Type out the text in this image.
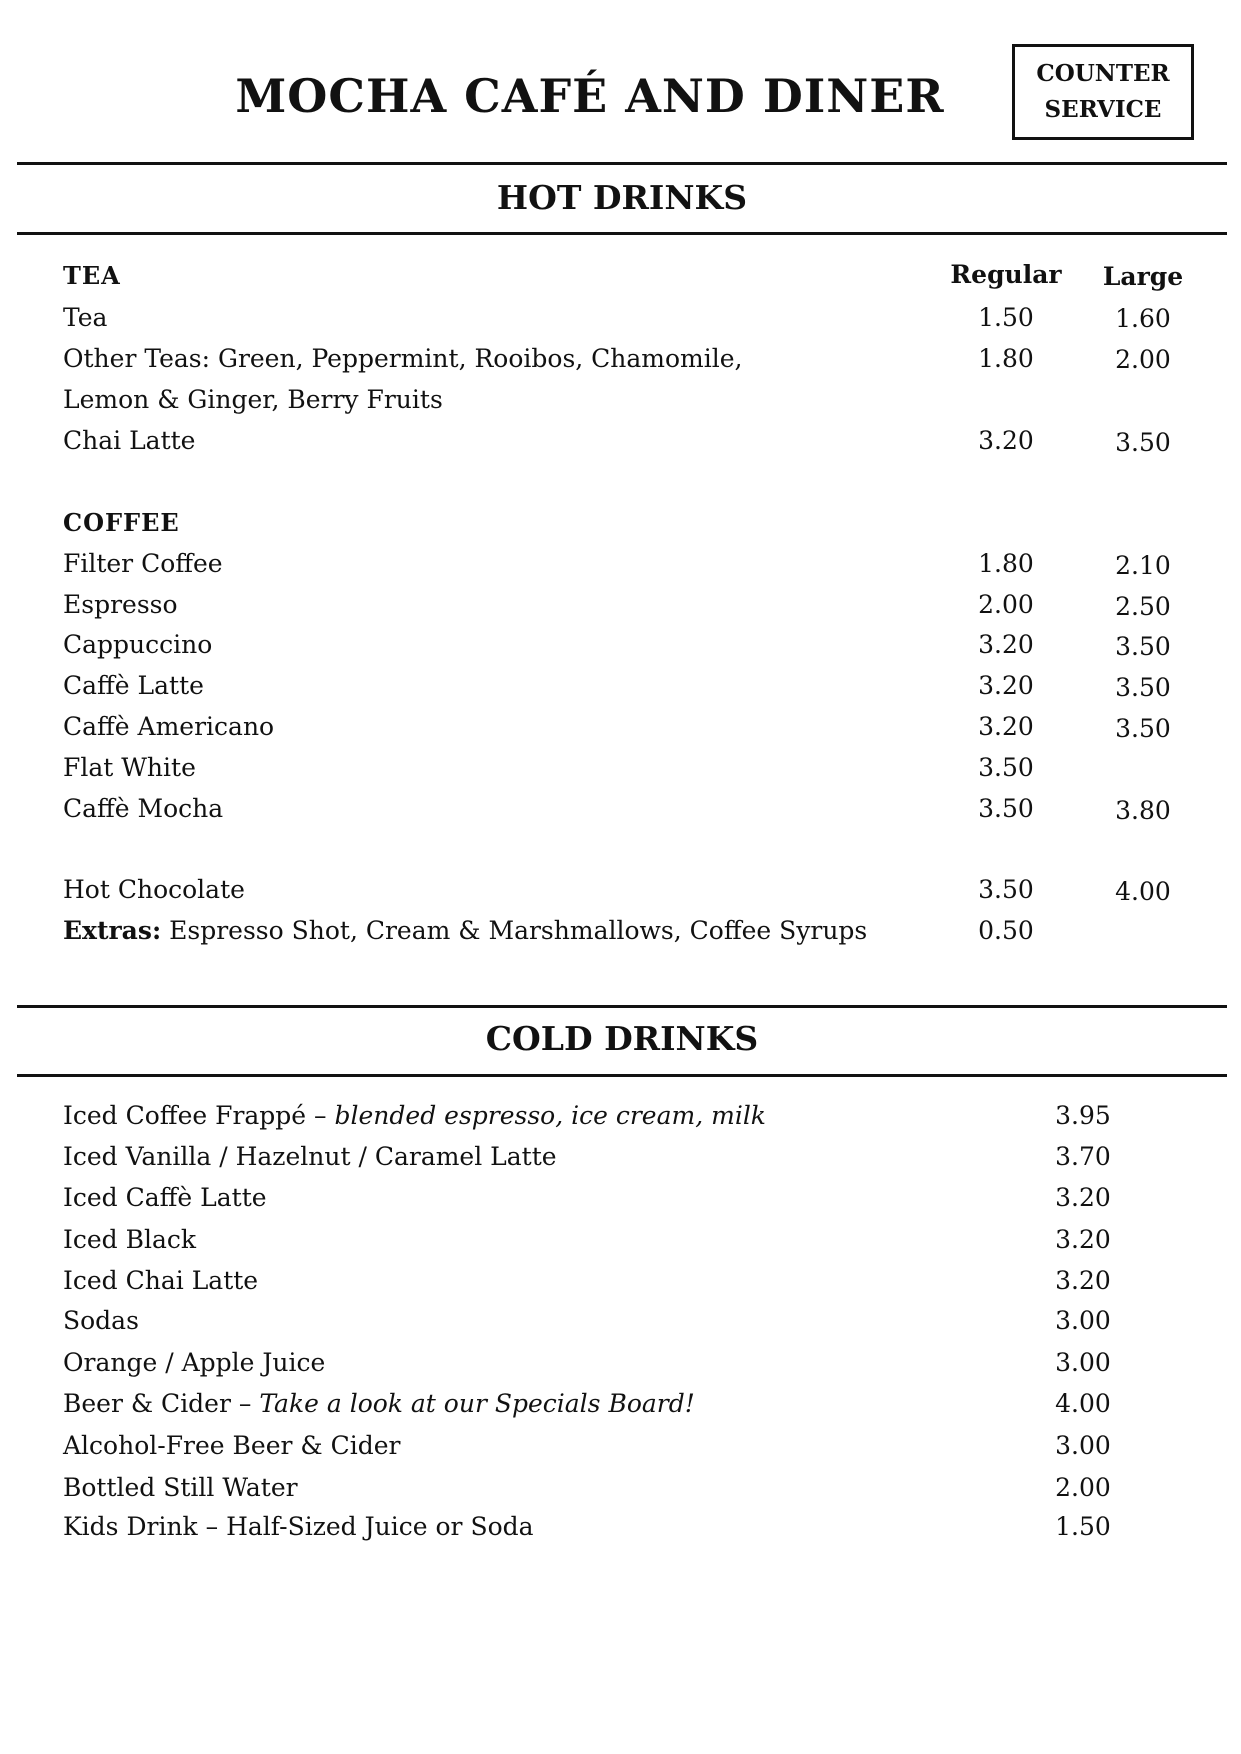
MOCHA CAFÉ AND DINER	COUNTER
SERVICE
HOT DRINKS
TEA	Regular	Large
Tea	1.50	1.60
Other Teas: Green, Peppermint, Rooibos, Chamomile,	1.80	2.00
Lemon & Ginger, Berry Fruits
Chai Latte	3.20	3.50
COFFEE
Filter Coffee	1.80	2.10
Espresso	2.00	2.50
Cappuccino	3.20	3.50
Caffè Latte	3.20	3.50
Caffè Americano	3.20	3.50
Flat White	3.50
Caffè Mocha	3.50	3.80
Hot Chocolate	3.50	4.00
Extras: Espresso Shot, Cream & Marshmallows, Coffee Syrups	0.50
COLD DRINKS
Iced Coffee Frappé – blended espresso, ice cream, milk	3.95
Iced Vanilla / Hazelnut / Caramel Latte	3.70
Iced Caffè Latte	3.20
Iced Black	3.20
Iced Chai Latte	3.20
Sodas	3.00
Orange / Apple Juice	3.00
Beer & Cider – Take a look at our Specials Board!	4.00
Alcohol-Free Beer & Cider	3.00
Bottled Still Water	2.00
Kids Drink – Half-Sized Juice or Soda	1.50
